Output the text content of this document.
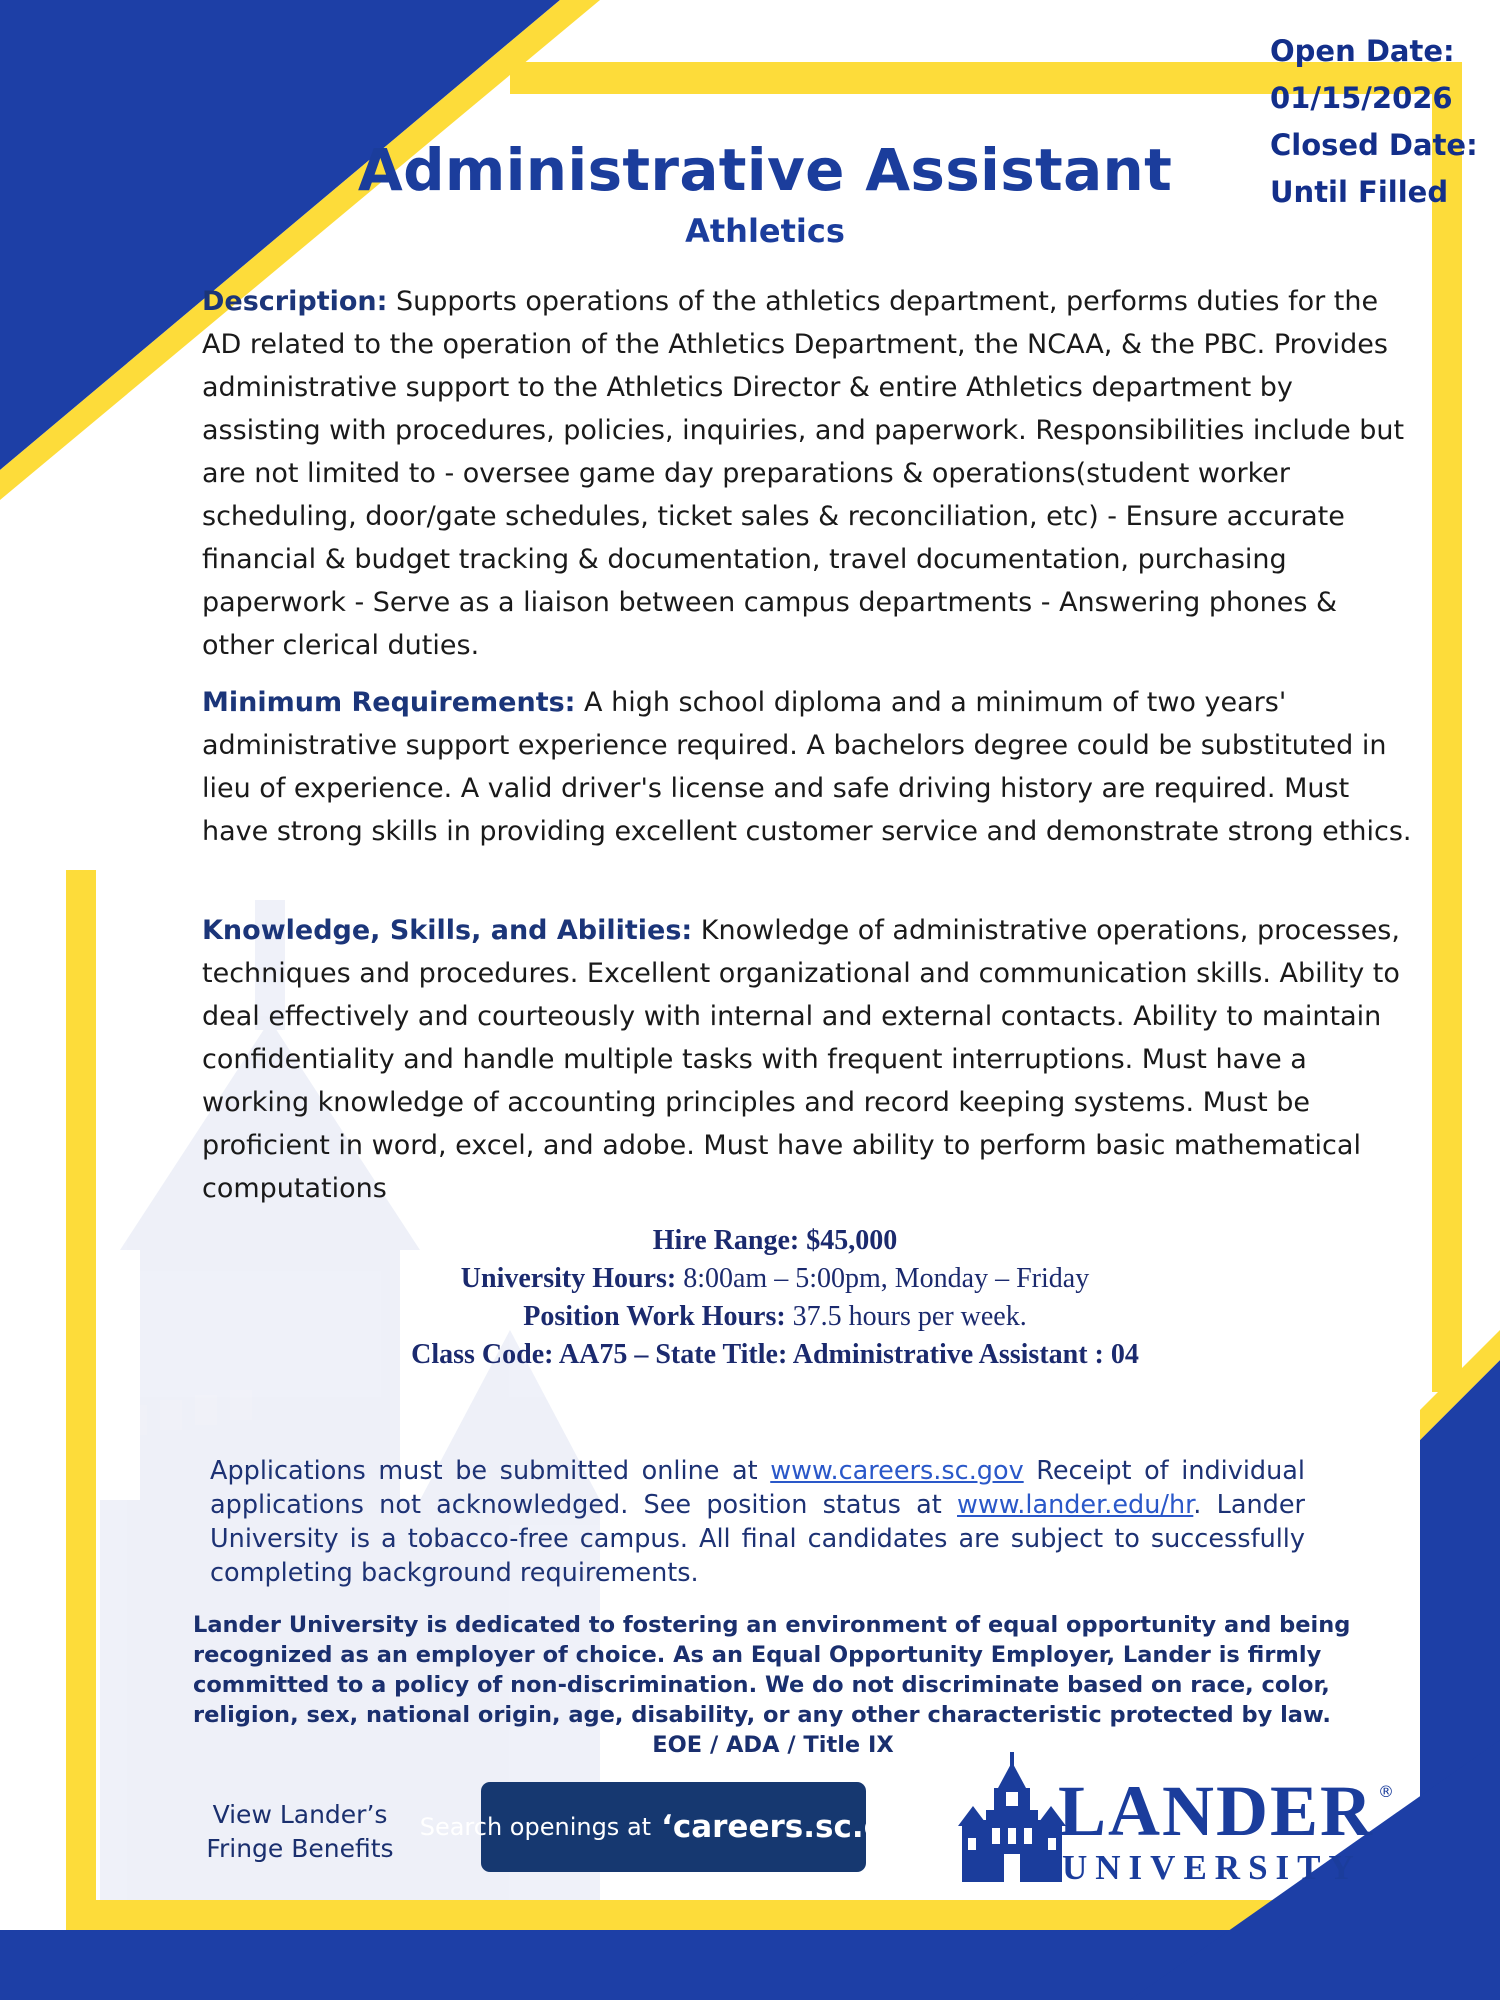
Open Date:
01/15/2026
Closed Date:
Until Filled
Administrative Assistant
Athletics
Description: Supports operations of the athletics department, performs duties for the AD related to the operation of the Athletics Department, the NCAA, & the PBC. Provides administrative support to the Athletics Director & entire Athletics department by assisting with procedures, policies, inquiries, and paperwork. Responsibilities include but are not limited to - oversee game day preparations & operations(student worker scheduling, door/gate schedules, ticket sales & reconciliation, etc) - Ensure accurate financial & budget tracking & documentation, travel documentation, purchasing paperwork - Serve as a liaison between campus departments - Answering phones & other clerical duties.
Minimum Requirements: A high school diploma and a minimum of two years' administrative support experience required. A bachelors degree could be substituted in lieu of experience. A valid driver's license and safe driving history are required. Must have strong skills in providing excellent customer service and demonstrate strong ethics.
Knowledge, Skills, and Abilities: Knowledge of administrative operations, processes, techniques and procedures. Excellent organizational and communication skills. Ability to deal effectively and courteously with internal and external contacts. Ability to maintain confidentiality and handle multiple tasks with frequent interruptions. Must have a working knowledge of accounting principles and record keeping systems. Must be proficient in word, excel, and adobe. Must have ability to perform basic mathematical computations
Hire Range: $45,000
University Hours: 8:00am – 5:00pm, Monday – Friday
Position Work Hours: 37.5 hours per week.
Class Code: AA75 – State Title: Administrative Assistant : 04
Applications must be submitted online at www.careers.sc.gov Receipt of individual applications not acknowledged. See position status at www.lander.edu/hr. Lander University is a tobacco-free campus. All final candidates are subject to successfully completing background requirements.
Lander University is dedicated to fostering an environment of equal opportunity and being recognized as an employer of choice. As an Equal Opportunity Employer, Lander is firmly committed to a policy of non-discrimination. We do not discriminate based on race, color, religion, sex, national origin, age, disability, or any other characteristic protected by law.
EOE / ADA / Title IX
View Lander’s
Fringe Benefits
Search openings at ‘careers.sc.gov LANDER ®
UNIVERSITY
